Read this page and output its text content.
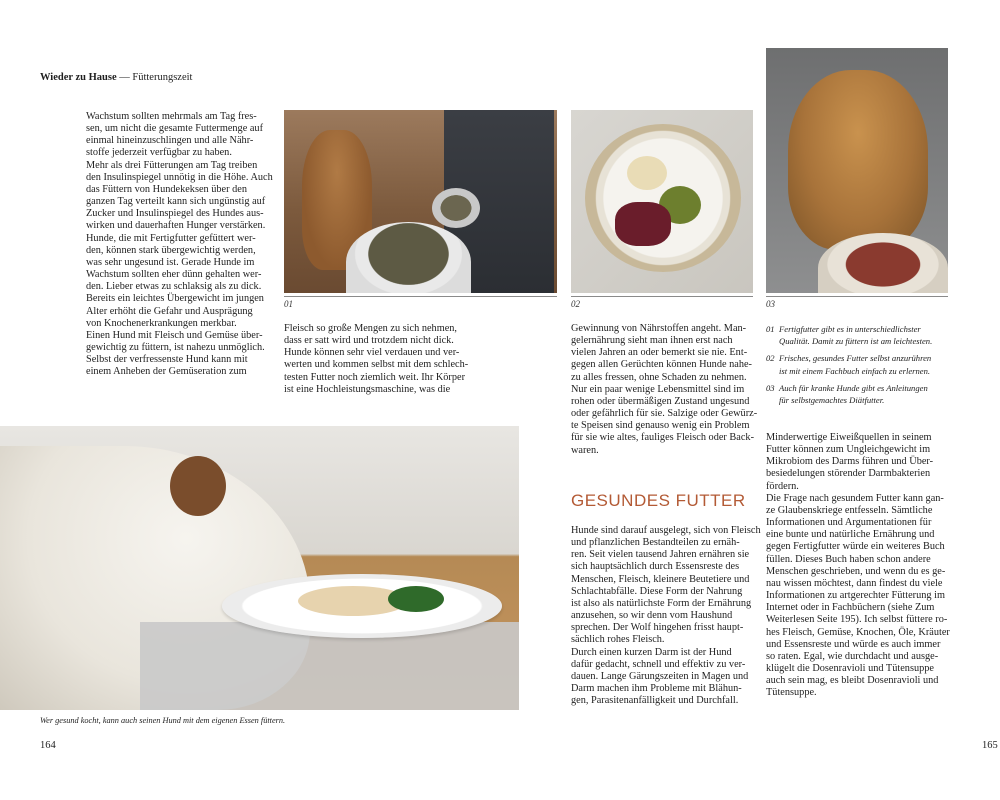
Wieder zu Hause — Fütterungszeit

Wachstum sollten mehrmals am Tag fres-

sen, um nicht die gesamte Futtermenge auf

einmal hineinzuschlingen und alle Nähr-

stoffe jederzeit verfügbar zu haben.

Mehr als drei Fütterungen am Tag treiben

den Insulinspiegel unnötig in die Höhe. Auch

das Füttern von Hundekeksen über den

ganzen Tag verteilt kann sich ungünstig auf

Zucker und Insulinspiegel des Hundes aus-

wirken und dauerhaften Hunger verstärken.

Hunde, die mit Fertigfutter gefüttert wer-

den, können stark übergewichtig werden,

was sehr ungesund ist. Gerade Hunde im

Wachstum sollten eher dünn gehalten wer-

den. Lieber etwas zu schlaksig als zu dick.

Bereits ein leichtes Übergewicht im jungen

Alter erhöht die Gefahr und Ausprägung

von Knochenerkrankungen merkbar.

Einen Hund mit Fleisch und Gemüse über-

gewichtig zu füttern, ist nahezu unmöglich.

Selbst der verfressenste Hund kann mit

einem Anheben der Gemüseration zum

01	02	03

Fleisch so große Mengen zu sich nehmen,

dass er satt wird und trotzdem nicht dick.

Hunde können sehr viel verdauen und ver-

werten und kommen selbst mit dem schlech-

testen Futter noch ziemlich weit. Ihr Körper

ist eine Hochleistungsmaschine, was die

Gewinnung von Nährstoffen angeht. Man-

gelernährung sieht man ihnen erst nach

vielen Jahren an oder bemerkt sie nie. Ent-

gegen allen Gerüchten können Hunde nahe-

zu alles fressen, ohne Schaden zu nehmen.

Nur ein paar wenige Lebensmittel sind im

rohen oder übermäßigen Zustand ungesund

oder gefährlich für sie. Salzige oder Gewürz-

te Speisen sind genauso wenig ein Problem

für sie wie altes, fauliges Fleisch oder Back-

waren.

01 Fertigfutter gibt es in unterschiedlichster
Qualität. Damit zu füttern ist am leichtesten.
02 Frisches, gesundes Futter selbst anzurühren
ist mit einem Fachbuch einfach zu erlernen.
03 Auch für kranke Hunde gibt es Anleitungen
für selbstgemachtes Diätfutter.
Wer gesund kocht, kann auch seinen Hund mit dem eigenen Essen füttern.
GESUNDES FUTTER

Hunde sind darauf ausgelegt, sich von Fleisch

und pflanzlichen Bestandteilen zu ernäh-

ren. Seit vielen tausend Jahren ernähren sie

sich hauptsächlich durch Essensreste des

Menschen, Fleisch, kleinere Beutetiere und

Schlachtabfälle. Diese Form der Nahrung

ist also als natürlichste Form der Ernährung

anzusehen, so wir denn vom Haushund

sprechen. Der Wolf hingehen frisst haupt-

sächlich rohes Fleisch.

Durch einen kurzen Darm ist der Hund

dafür gedacht, schnell und effektiv zu ver-

dauen. Lange Gärungszeiten in Magen und

Darm machen ihm Probleme mit Blähun-

gen, Parasitenanfälligkeit und Durchfall.

Minderwertige Eiweißquellen in seinem

Futter können zum Ungleichgewicht im

Mikrobiom des Darms führen und Über-

besiedelungen störender Darmbakterien

fördern.

Die Frage nach gesundem Futter kann gan-

ze Glaubenskriege entfesseln. Sämtliche

Informationen und Argumentationen für

eine bunte und natürliche Ernährung und

gegen Fertigfutter würde ein weiteres Buch

füllen. Dieses Buch haben schon andere

Menschen geschrieben, und wenn du es ge-

nau wissen möchtest, dann findest du viele

Informationen zu artgerechter Fütterung im

Internet oder in Fachbüchern (siehe Zum

Weiterlesen Seite 195). Ich selbst füttere ro-

hes Fleisch, Gemüse, Knochen, Öle, Kräuter

und Essensreste und würde es auch immer

so raten. Egal, wie durchdacht und ausge-

klügelt die Dosenravioli und Tütensuppe

auch sein mag, es bleibt Dosenravioli und

Tütensuppe.

164	165
